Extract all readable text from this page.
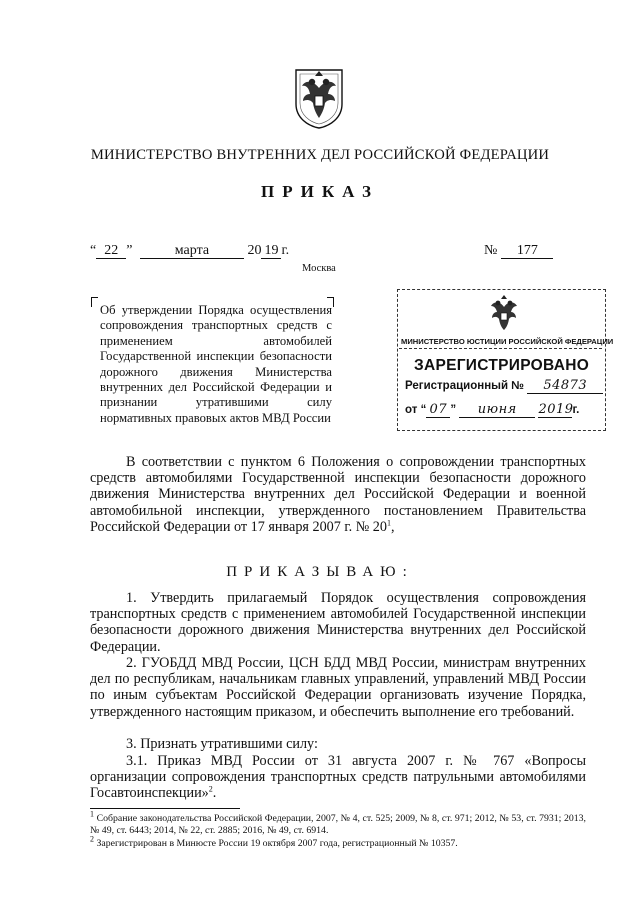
МИНИСТЕРСТВО ВНУТРЕННИХ ДЕЛ РОССИЙСКОЙ ФЕДЕРАЦИИ
ПРИКАЗ
“ 22 ”	марта	20 19 г.	№ 177
Москва
Об утверждении Порядка осуществления сопровождения транспортных средств с применением автомобилей Государственной инспекции безопасности дорожного движения Министерства внутренних дел Российской Федерации и признании утратившими силу нормативных правовых актов МВД России
МИНИСТЕРСТВО ЮСТИЦИИ РОССИЙСКОЙ ФЕДЕРАЦИИ
ЗАРЕГИСТРИРОВАНО
Регистрационный № 54873
от “ 07 ” июня 2019г.
В соответствии с пунктом 6 Положения о сопровождении транспортных средств автомобилями Государственной инспекции безопасности дорожного движения Министерства внутренних дел Российской Федерации и военной автомобильной инспекции, утвержденного постановлением Правительства Российской Федерации от 17 января 2007 г. № $20^1$,
ПРИКАЗЫВАЮ:
1. Утвердить прилагаемый Порядок осуществления сопровождения транспортных средств с применением автомобилей Государственной инспекции безопасности дорожного движения Министерства внутренних дел Российской Федерации.
2. ГУОБДД МВД России, ЦСН БДД МВД России, министрам внутренних дел по республикам, начальникам главных управлений, управлений МВД России по иным субъектам Российской Федерации организовать изучение Порядка, утвержденного настоящим приказом, и обеспечить выполнение его требований.
3. Признать утратившими силу:
3.1. Приказ МВД России от 31 августа 2007 г. № 767 «Вопросы организации сопровождения транспортных средств патрульными автомобилями Госавтоинспекции»$^2$.
$^1$ Собрание законодательства Российской Федерации, 2007, № 4, ст. 525; 2009, № 8, ст. 971; 2012, № 53, ст. 7931; 2013, № 49, ст. 6443; 2014, № 22, ст. 2885; 2016, № 49, ст. 6914.
$^2$ Зарегистрирован в Минюсте России 19 октября 2007 года, регистрационный № 10357.
